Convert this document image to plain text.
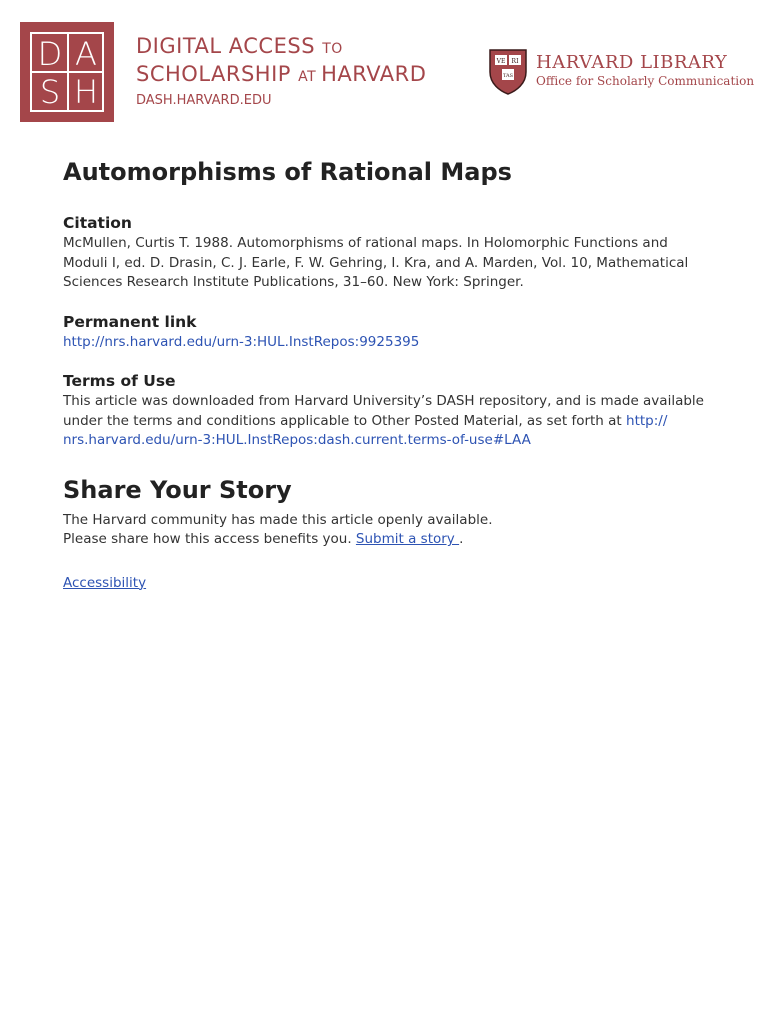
D A
S H
DIGITAL ACCESS TO
SCHOLARSHIP AT HARVARD
DASH.HARVARD.EDU
VE RI
TAS
HARVARD LIBRARY
Office for Scholarly Communication
Automorphisms of Rational Maps
Citation

McMullen, Curtis T. 1988. Automorphisms of rational maps. In Holomorphic Functions and

Moduli I, ed. D. Drasin, C. J. Earle, F. W. Gehring, I. Kra, and A. Marden, Vol. 10, Mathematical

Sciences Research Institute Publications, 31–60. New York: Springer.

Permanent link

http://nrs.harvard.edu/urn-3:HUL.InstRepos:9925395

Terms of Use

This article was downloaded from Harvard University’s DASH repository, and is made available

under the terms and conditions applicable to Other Posted Material, as set forth at http://

nrs.harvard.edu/urn-3:HUL.InstRepos:dash.current.terms-of-use#LAA

Share Your Story

The Harvard community has made this article openly available.

Please share how this access benefits you. Submit a story .

Accessibility
